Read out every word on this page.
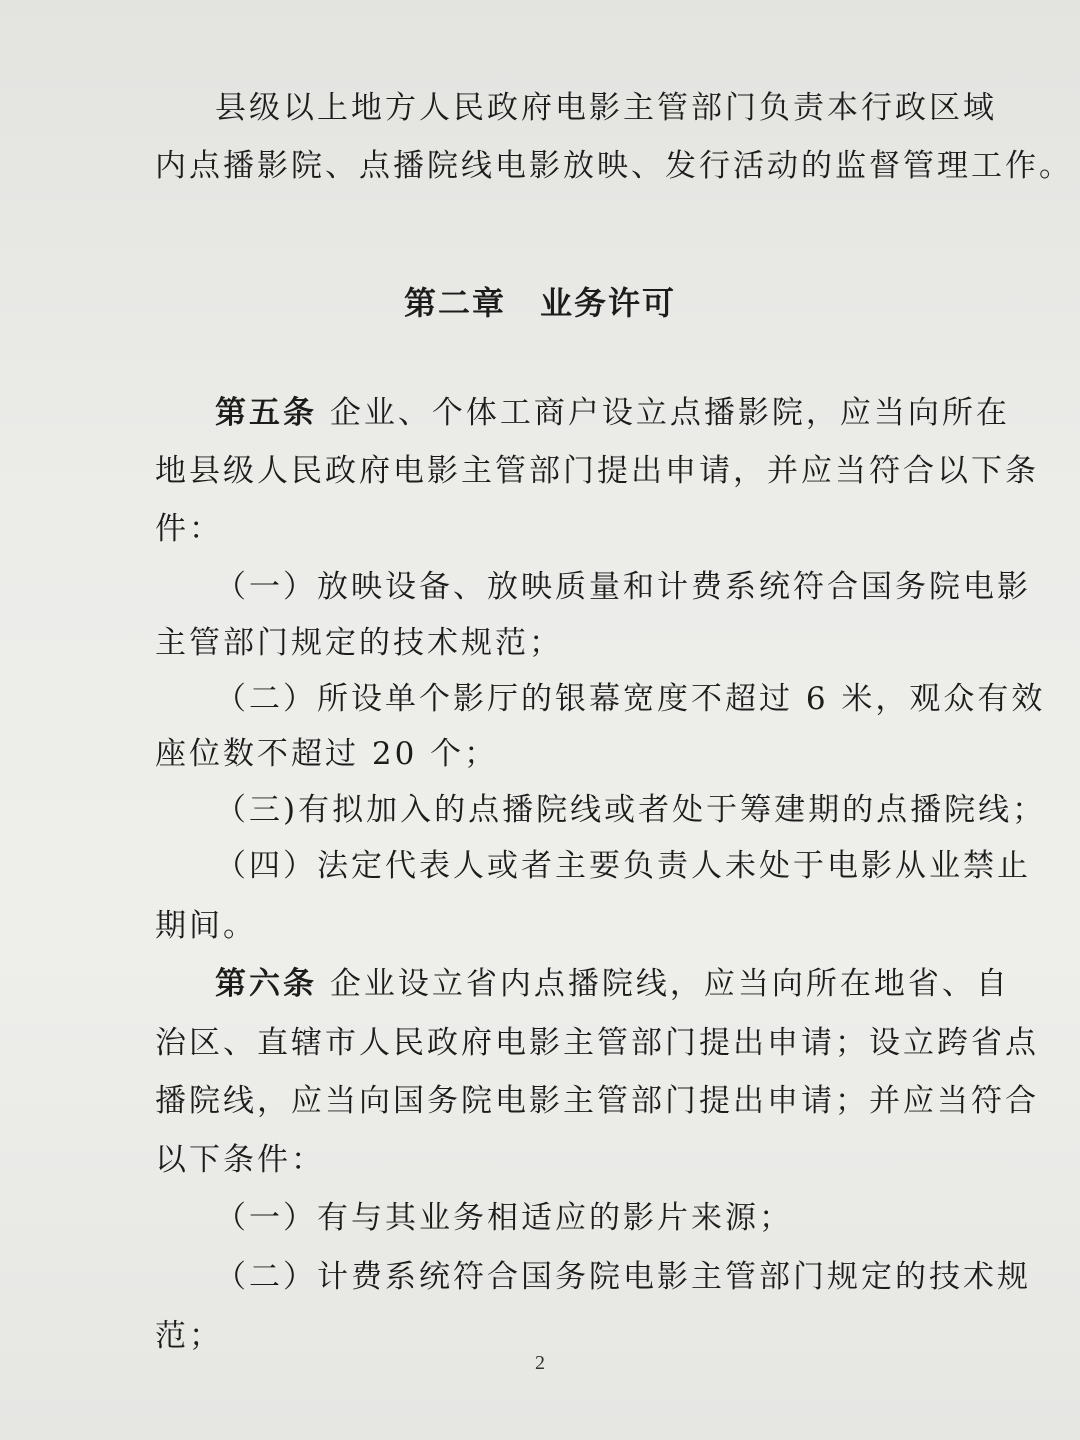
县级以上地方人民政府电影主管部门负责本行政区域
内点播影院、点播院线电影放映、发行活动的监督管理工作。
第二章　业务许可
第五条 企业、个体工商户设立点播影院，应当向所在
地县级人民政府电影主管部门提出申请，并应当符合以下条
件：
（一）放映设备、放映质量和计费系统符合国务院电影
主管部门规定的技术规范；
（二）所设单个影厅的银幕宽度不超过 6 米，观众有效
座位数不超过 20 个；
（三)有拟加入的点播院线或者处于筹建期的点播院线；
（四）法定代表人或者主要负责人未处于电影从业禁止
期间。
第六条 企业设立省内点播院线，应当向所在地省、自
治区、直辖市人民政府电影主管部门提出申请；设立跨省点
播院线，应当向国务院电影主管部门提出申请；并应当符合
以下条件：
（一）有与其业务相适应的影片来源；
（二）计费系统符合国务院电影主管部门规定的技术规
范；
2
